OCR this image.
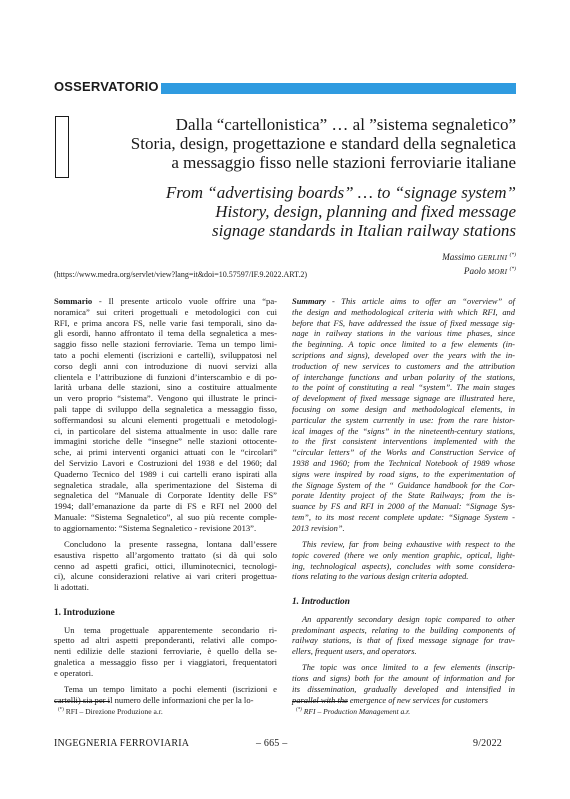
OSSERVATORIO
Dalla “cartellonistica” … al ”sistema segnaletico”
Storia, design, progettazione e standard della segnaletica
a messaggio fisso nelle stazioni ferroviarie italiane
From “advertising boards” … to “signage system”
History, design, planning and fixed message
signage standards in Italian railway stations
Massimo GERLINI (*)
Paolo MORI (*)
(https://www.medra.org/servlet/view?lang=it&doi=10.57597/IF.9.2022.ART.2)
Sommario - Il presente articolo vuole offrire una “pa-
noramica” sui criteri progettuali e metodologici con cui
RFI, e prima ancora FS, nelle varie fasi temporali, sino da-
gli esordi, hanno affrontato il tema della segnaletica a mes-
saggio fisso nelle stazioni ferroviarie. Tema un tempo limi-
tato a pochi elementi (iscrizioni e cartelli), sviluppatosi nel
corso degli anni con introduzione di nuovi servizi alla
clientela e l’attribuzione di funzioni d’interscambio e di po-
larità urbana delle stazioni, sino a costituire attualmente
un vero proprio “sistema”. Vengono qui illustrate le princi-
pali tappe di sviluppo della segnaletica a messaggio fisso,
soffermandosi su alcuni elementi progettuali e metodologi-
ci, in particolare del sistema attualmente in uso: dalle rare
immagini storiche delle “insegne” nelle stazioni ottocente-
sche, ai primi interventi organici attuati con le “circolari”
del Servizio Lavori e Costruzioni del 1938 e del 1960; dal
Quaderno Tecnico del 1989 i cui cartelli erano ispirati alla
segnaletica stradale, alla sperimentazione del Sistema di
segnaletica del “Manuale di Corporate Identity delle FS”
1994; dall’emanazione da parte di FS e RFI nel 2000 del
Manuale: “Sistema Segnaletico”, al suo più recente comple-
to aggiornamento: “Sistema Segnaletico - revisione 2013”.
Concludono la presente rassegna, lontana dall’essere
esaustiva rispetto all’argomento trattato (si dà qui solo
cenno ad aspetti grafici, ottici, illuminotecnici, tecnologi-
ci), alcune considerazioni relative ai vari criteri progettua-
li adottati.
1. Introduzione
Un tema progettuale apparentemente secondario ri-
spetto ad altri aspetti preponderanti, relativi alle compo-
nenti edilizie delle stazioni ferroviarie, è quello della se-
gnaletica a messaggio fisso per i viaggiatori, frequentatori
e operatori.
Tema un tempo limitato a pochi elementi (iscrizioni e
cartelli) sia per il numero delle informazioni che per la lo-
Summary - This article aims to offer an “overview” of
the design and methodological criteria with which RFI, and
before that FS, have addressed the issue of fixed message sig-
nage in railway stations in the various time phases, since
the beginning. A topic once limited to a few elements (in-
scriptions and signs), developed over the years with the in-
troduction of new services to customers and the attribution
of interchange functions and urban polarity of the stations,
to the point of constituting a real “system”. The main stages
of development of fixed message signage are illustrated here,
focusing on some design and methodological elements, in
particular the system currently in use: from the rare histor-
ical images of the “signs” in the nineteenth-century stations,
to the first consistent interventions implemented with the
“circular letters” of the Works and Construction Service of
1938 and 1960; from the Technical Notebook of 1989 whose
signs were inspired by road signs, to the experimentation of
the Signage System of the “ Guidance handbook for the Cor-
porate Identity project of the State Railways; from the is-
suance by FS and RFI in 2000 of the Manual: “Signage Sys-
tem”, to its most recent complete update: “Signage System -
2013 revision”.
This review, far from being exhaustive with respect to the
topic covered (there we only mention graphic, optical, light-
ing, technological aspects), concludes with some considera-
tions relating to the various design criteria adopted.
1. Introduction
An apparently secondary design topic compared to other
predominant aspects, relating to the building components of
railway stations, is that of fixed message signage for trav-
ellers, frequent users, and operators.
The topic was once limited to a few elements (inscrip-
tions and signs) both for the amount of information and for
its dissemination, gradually developed and intensified in
parallel with the emergence of new services for customers
(*) RFI – Direzione Produzione a.r.	(*) RFI – Production Management a.r.
INGEGNERIA FERROVIARIA	– 665 –	9/2022
